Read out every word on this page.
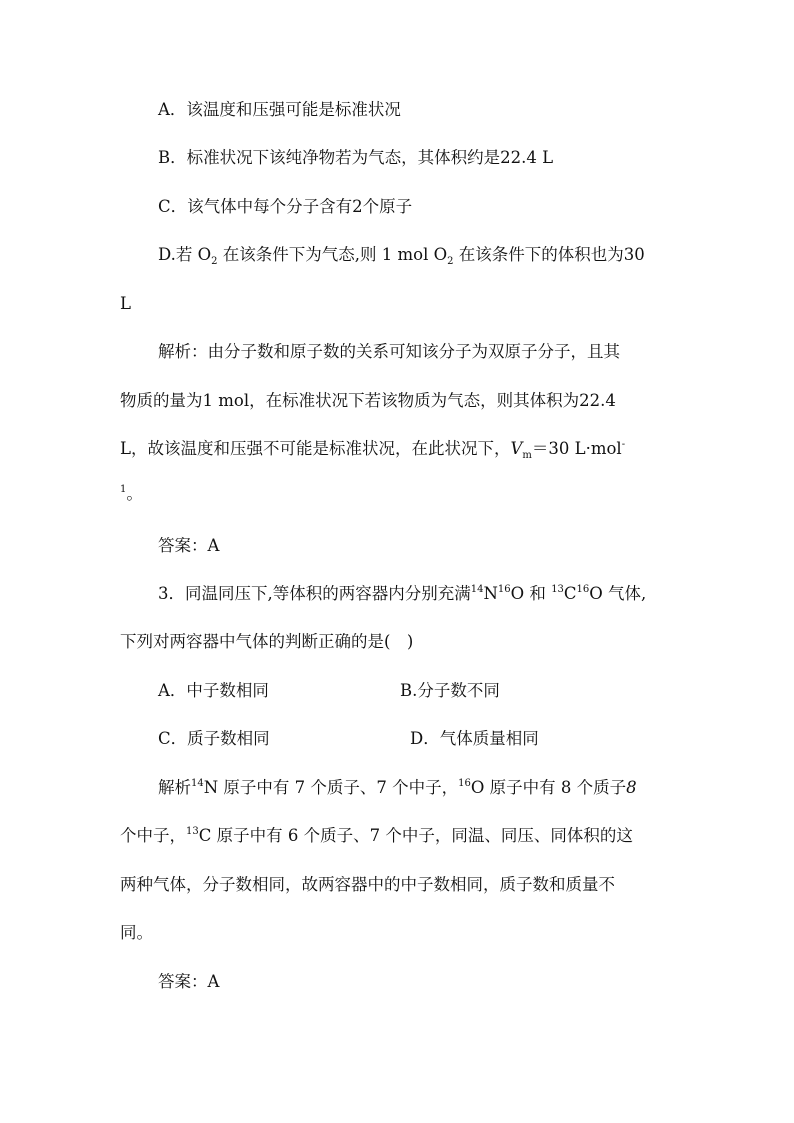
A．该温度和压强可能是标准状况
B．标准状况下该纯净物若为气态，其体积约是22.4 L
C．该气体中每个分子含有2个原子
D.若 $O_2$ 在该条件下为气态,则 1 mol $O_2$ 在该条件下的体积也为30
L
解析：由分子数和原子数的关系可知该分子为双原子分子，且其
物质的量为1 mol，在标准状况下若该物质为气态，则其体积为22.4
L，故该温度和压强不可能是标准状况，在此状况下，$V_m=30$ L·mol-
$^1$。
答案：A
3．同温同压下,等体积的两容器内分别充满$^{14}N^{16}O$ 和 $^{13}C^{16}O$ 气体,
下列对两容器中气体的判断正确的是(　)
A．中子数相同	B.分子数不同
C．质子数相同	D．气体质量相同
解析$^{14}$N 原子中有 7 个质子、7 个中子，$^{16}$O 原子中有 8 个质子8
个中子，$^{13}$C 原子中有 6 个质子、7 个中子，同温、同压、同体积的这
两种气体，分子数相同，故两容器中的中子数相同，质子数和质量不
同。
答案：A
